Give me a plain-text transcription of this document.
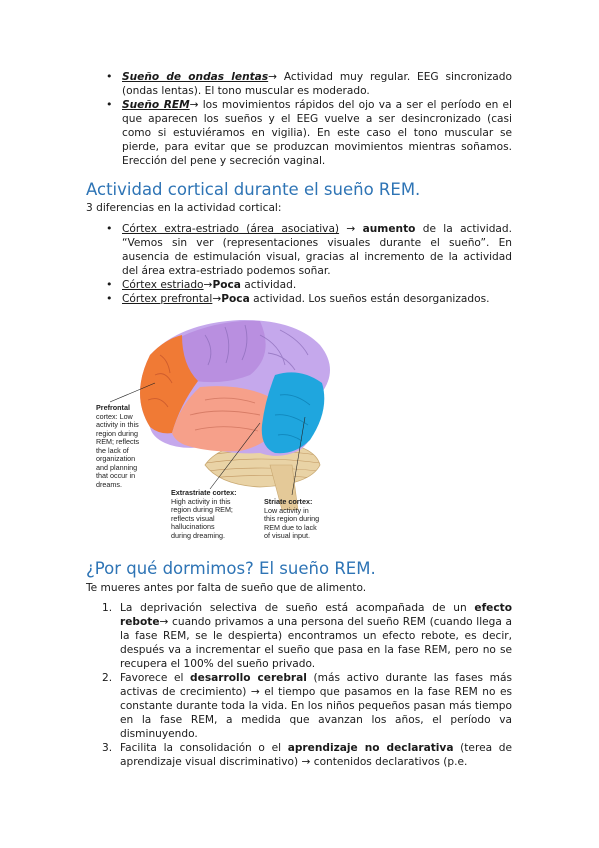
• Sueño de ondas lentas→ Actividad muy regular. EEG sincronizado (ondas lentas). El tono muscular es moderado.
• Sueño REM→ los movimientos rápidos del ojo va a ser el período en el que aparecen los sueños y el EEG vuelve a ser desincronizado (casi como si estuviéramos en vigilia). En este caso el tono muscular se pierde, para evitar que se produzcan movimientos mientras soñamos. Erección del pene y secreción vaginal.
Actividad cortical durante el sueño REM.
3 diferencias en la actividad cortical:
• Córtex extra-estriado (área asociativa) → aumento de la actividad. “Vemos sin ver (representaciones visuales durante el sueño”. En ausencia de estimulación visual, gracias al incremento de la actividad del área extra-estriado podemos soñar.
• Córtex estriado→Poca actividad.
• Córtex prefrontal→Poca actividad. Los sueños están desorganizados.
Prefrontal
cortex: Low
activity in this
region during
REM; reflects
the lack of
organization
and planning
that occur in
dreams.
Extrastriate cortex:
High activity in this
region during REM;
reflects visual
hallucinations
during dreaming.
Striate cortex:
Low activity in
this region during
REM due to lack
of visual input.
¿Por qué dormimos? El sueño REM.
Te mueres antes por falta de sueño que de alimento.
1. La deprivación selectiva de sueño está acompañada de un efecto rebote→ cuando privamos a una persona del sueño REM (cuando llega a la fase REM, se le despierta) encontramos un efecto rebote, es decir, después va a incrementar el sueño que pasa en la fase REM, pero no se recupera el 100% del sueño privado.
2. Favorece el desarrollo cerebral (más activo durante las fases más activas de crecimiento) → el tiempo que pasamos en la fase REM no es constante durante toda la vida. En los niños pequeños pasan más tiempo en la fase REM, a medida que avanzan los años, el período va disminuyendo.
3. Facilita la consolidación o el aprendizaje no declarativa (terea de aprendizaje visual discriminativo) → contenidos declarativos (p.e.
